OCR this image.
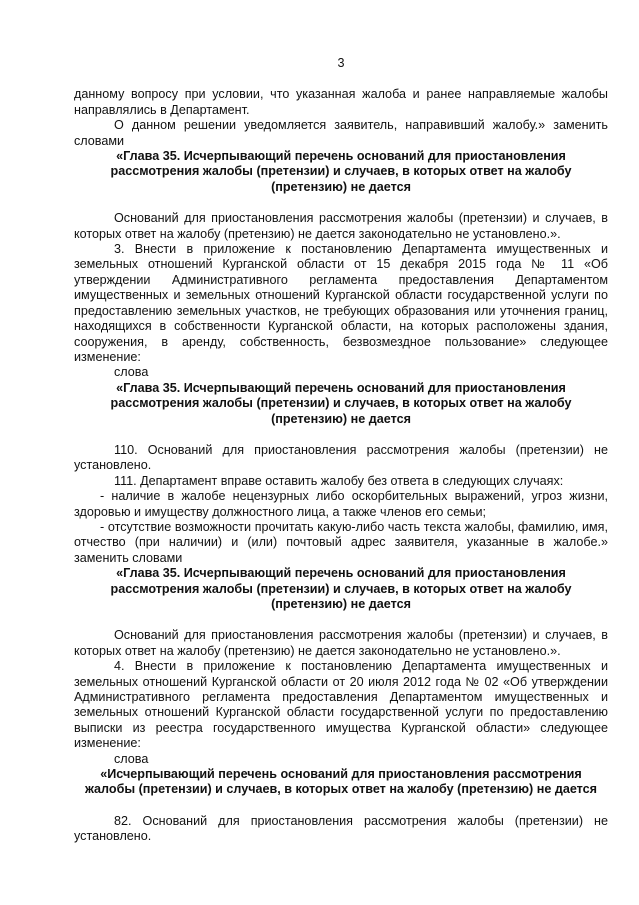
3

данному вопросу при условии, что указанная жалоба и ранее направляемые жалобы направлялись в Департамент.

О данном решении уведомляется заявитель, направивший жалобу.» заменить словами

«Глава 35. Исчерпывающий перечень оснований для приостановления рассмотрения жалобы (претензии) и случаев, в которых ответ на жалобу (претензию) не дается

Оснований для приостановления рассмотрения жалобы (претензии) и случаев, в которых ответ на жалобу (претензию) не дается законодательно не установлено.».

3. Внести в приложение к постановлению Департамента имущественных и земельных отношений Курганской области от 15 декабря 2015 года № 11 «Об утверждении Административного регламента предоставления Департаментом имущественных и земельных отношений Курганской области государственной услуги по предоставлению земельных участков, не требующих образования или уточнения границ, находящихся в собственности Курганской области, на которых расположены здания, сооружения, в аренду, собственность, безвозмездное пользование» следующее изменение:

слова

«Глава 35. Исчерпывающий перечень оснований для приостановления рассмотрения жалобы (претензии) и случаев, в которых ответ на жалобу (претензию) не дается

110. Оснований для приостановления рассмотрения жалобы (претензии) не установлено.

111. Департамент вправе оставить жалобу без ответа в следующих случаях:

- наличие в жалобе нецензурных либо оскорбительных выражений, угроз жизни, здоровью и имуществу должностного лица, а также членов его семьи;

- отсутствие возможности прочитать какую-либо часть текста жалобы, фамилию, имя, отчество (при наличии) и (или) почтовый адрес заявителя, указанные в жалобе.» заменить словами

«Глава 35. Исчерпывающий перечень оснований для приостановления рассмотрения жалобы (претензии) и случаев, в которых ответ на жалобу (претензию) не дается

Оснований для приостановления рассмотрения жалобы (претензии) и случаев, в которых ответ на жалобу (претензию) не дается законодательно не установлено.».

4. Внести в приложение к постановлению Департамента имущественных и земельных отношений Курганской области от 20 июля 2012 года № 02 «Об утверждении Административного регламента предоставления Департаментом имущественных и земельных отношений Курганской области государственной услуги по предоставлению выписки из реестра государственного имущества Курганской области» следующее изменение:

слова

«Исчерпывающий перечень оснований для приостановления рассмотрения жалобы (претензии) и случаев, в которых ответ на жалобу (претензию) не дается

82. Оснований для приостановления рассмотрения жалобы (претензии) не установлено.
